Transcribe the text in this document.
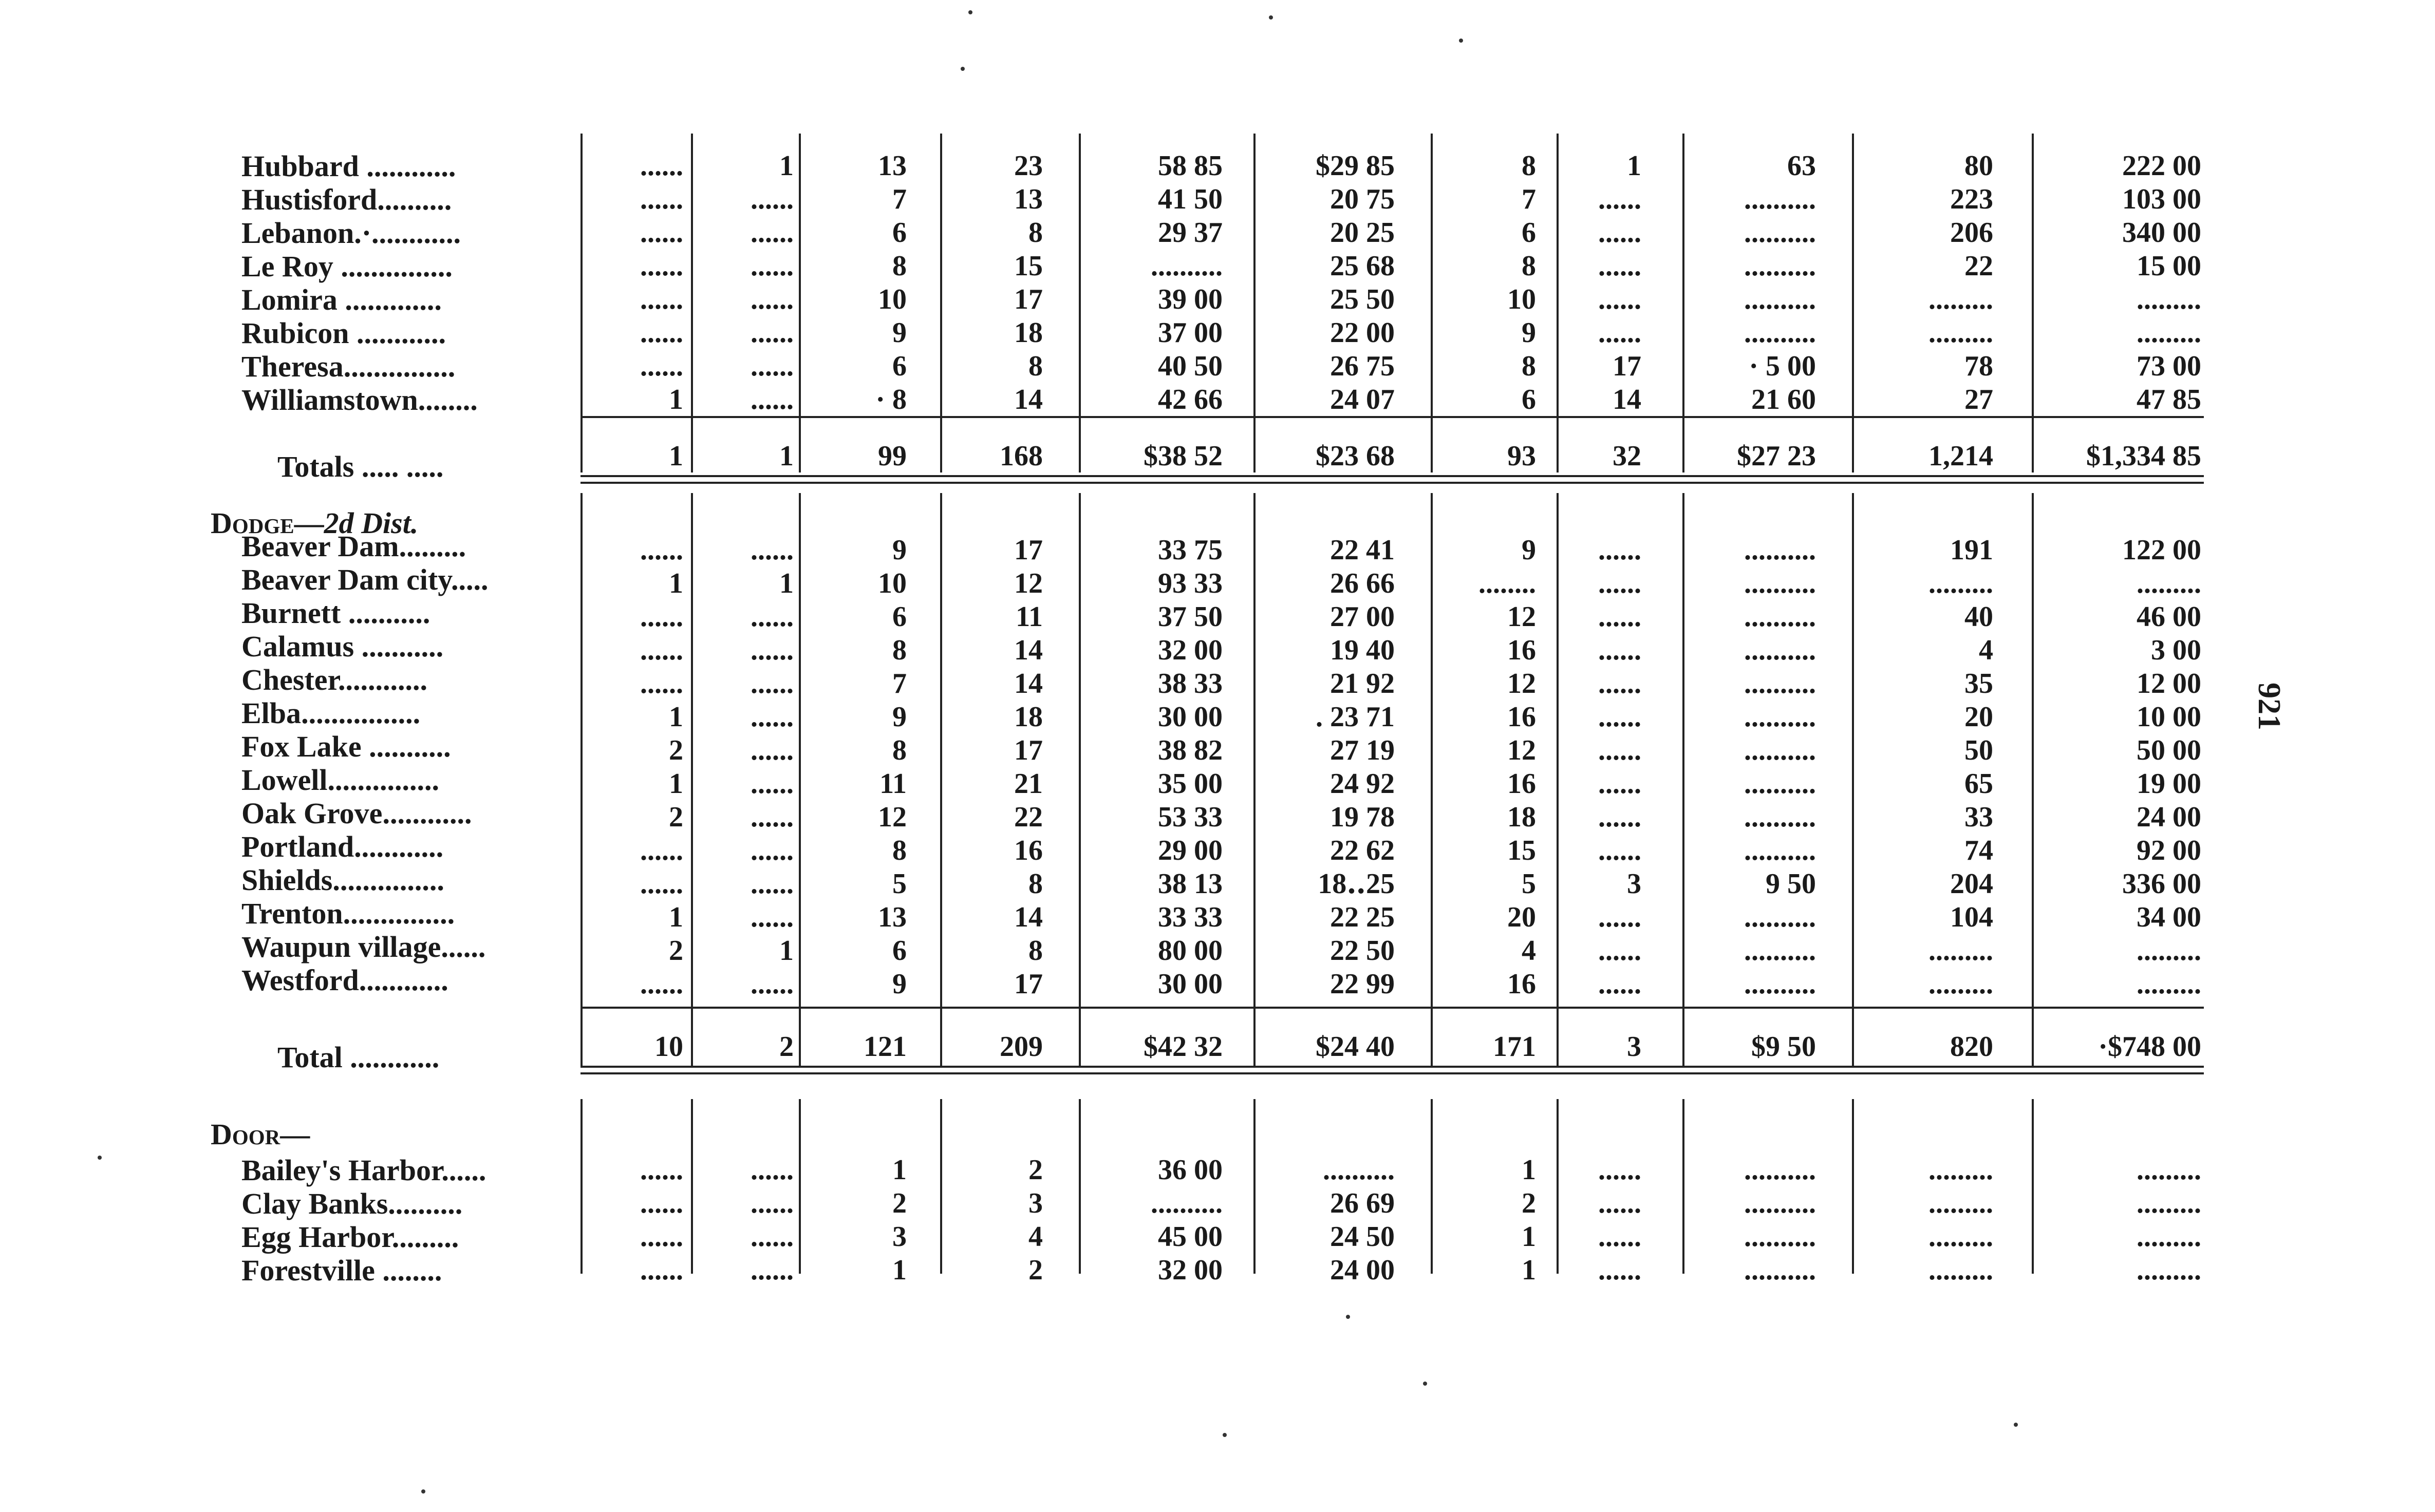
Hubbard ............	......	1	13	23	58 85	$29 85	8	1	63	80	222 00
Hustisford..........	......	......	7	13	41 50	20 75	7	......	..........	223	103 00
Lebanon.·............	......	......	6	8	29 37	20 25	6	......	..........	206	340 00
Le Roy ...............	......	......	8	15	..........	25 68	8	......	..........	22	15 00
Lomira .............	......	......	10	17	39 00	25 50	10	......	..........	.........	.........
Rubicon ............	......	......	9	18	37 00	22 00	9	......	..........	.........	.........
Theresa...............	......	......	6	8	40 50	26 75	8	17	· 5 00	78	73 00
Williamstown........	1	......	· 8	14	42 66	24 07	6	14	21 60	27	47 85
Totals ..... .....	1	1	99	168	$38 52	$23 68	93	32	$27 23	1,214	$1,334 85
Dodge—2d Dist.
Beaver Dam.........	......	......	9	17	33 75	22 41	9	......	..........	191	122 00
Beaver Dam city.....	1	1	10	12	93 33	26 66	........	......	..........	.........	.........
Burnett ...........	......	......	6	11	37 50	27 00	12	......	..........	40	46 00
Calamus ...........	......	......	8	14	32 00	19 40	16	......	..........	4	3 00
Chester............	......	......	7	14	38 33	21 92	12	......	..........	35	12 00
Elba................	1	......	9	18	30 00	. 23 71	16	......	..........	20	10 00
Fox Lake ...........	2	......	8	17	38 82	27 19	12	......	..........	50	50 00
Lowell...............	1	......	11	21	35 00	24 92	16	......	..........	65	19 00
Oak Grove............	2	......	12	22	53 33	19 78	18	......	..........	33	24 00
Portland............	......	......	8	16	29 00	22 62	15	......	..........	74	92 00
Shields...............	......	......	5	8	38 13	18‥25	5	3	9 50	204	336 00
Trenton...............	1	......	13	14	33 33	22 25	20	......	..........	104	34 00
Waupun village......	2	1	6	8	80 00	22 50	4	......	..........	.........	.........
Westford............	......	......	9	17	30 00	22 99	16	......	..........	.........	.........
Total ............	10	2	121	209	$42 32	$24 40	171	3	$9 50	820	·$748 00
Door—
Bailey's Harbor......	......	......	1	2	36 00	..........	1	......	..........	.........	.........
Clay Banks..........	......	......	2	3	..........	26 69	2	......	..........	.........	.........
Egg Harbor.........	......	......	3	4	45 00	24 50	1	......	..........	.........	.........
Forestville ........	......	......	1	2	32 00	24 00	1	......	..........	.........	.........
921
